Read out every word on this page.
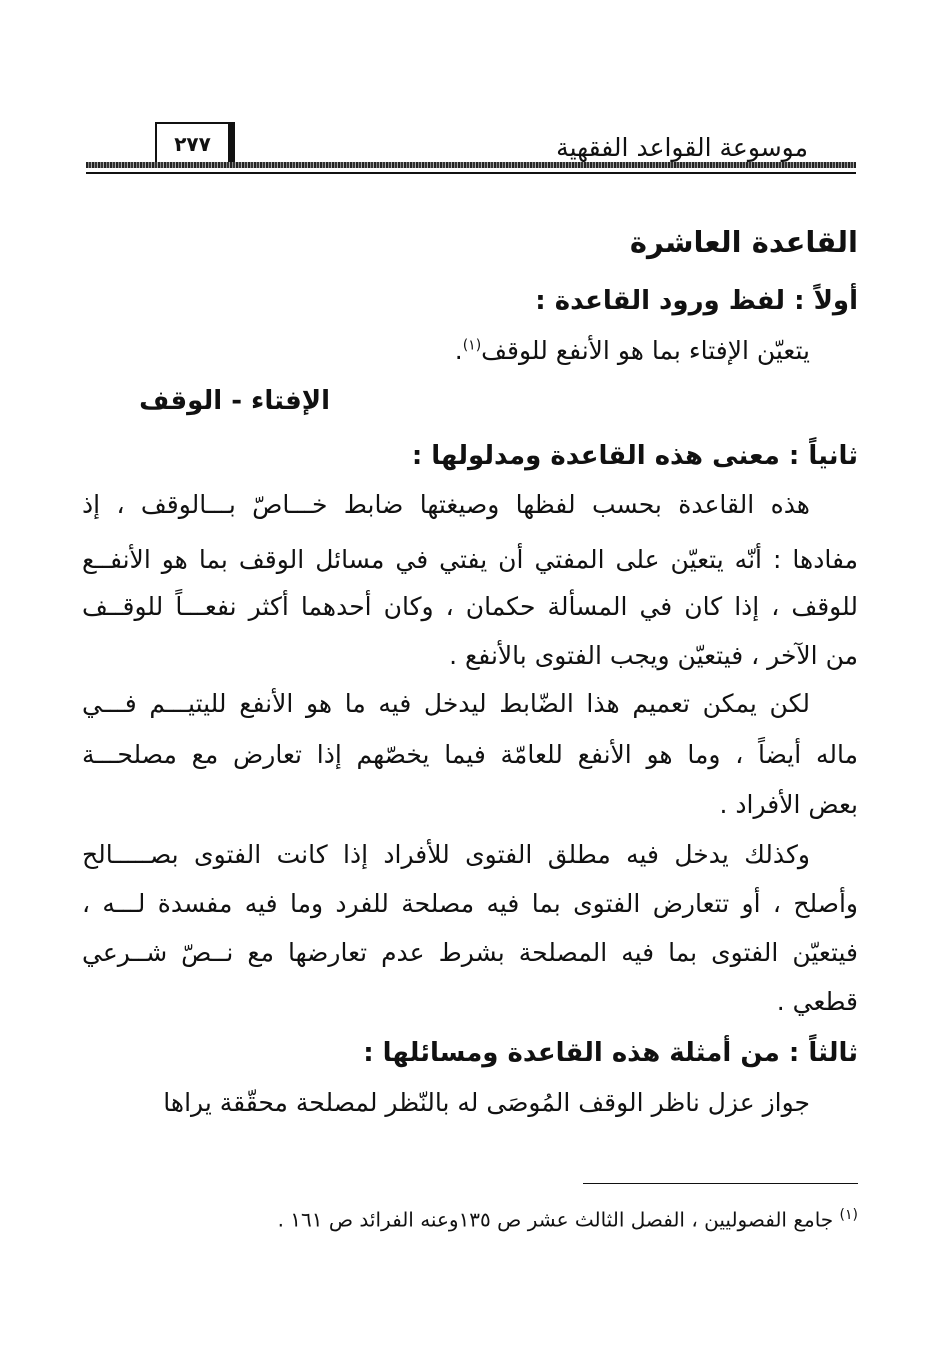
موسوعة القواعد الفقهية
٢٧٧
القاعدة العاشرة
أولاً : لفظ ورود القاعدة :
يتعيّن الإفتاء بما هو الأنفع للوقف$^{(١)}$.
الإفتاء - الوقف
ثانياً : معنى هذه القاعدة ومدلولها :
هذه القاعدة بحسب لفظها وصيغتها ضابط خـــاصّ بـــالوقف ، إذ
مفادها : أنّه يتعيّن على المفتي أن يفتي في مسائل الوقف بما هو الأنفــع
للوقف ، إذا كان في المسألة حكمان ، وكان أحدهما أكثر نفعـــاً للوقــف
من الآخر ، فيتعيّن ويجب الفتوى بالأنفع .
لكن يمكن تعميم هذا الضّابط ليدخل فيه ما هو الأنفع لليتيـــم فـــي
ماله أيضاً ، وما هو الأنفع للعامّة فيما يخصّهم إذا تعارض مع مصلحـــة
بعض الأفراد .
وكذلك يدخل فيه مطلق الفتوى للأفراد إذا كانت الفتوى بصـــــالح
وأصلح ، أو تتعارض الفتوى بما فيه مصلحة للفرد وما فيه مفسدة لـــه ،
فيتعيّن الفتوى بما فيه المصلحة بشرط عدم تعارضها مع نــصّ شــرعي
قطعي .
ثالثاً : من أمثلة هذه القاعدة ومسائلها :
جواز عزل ناظر الوقف المُوصَى له بالنّظر لمصلحة محقّقة يراها
$^{(١)}$ جامع الفصوليين ، الفصل الثالث عشر ص ١٣٥وعنه الفرائد ص ١٦١ .
